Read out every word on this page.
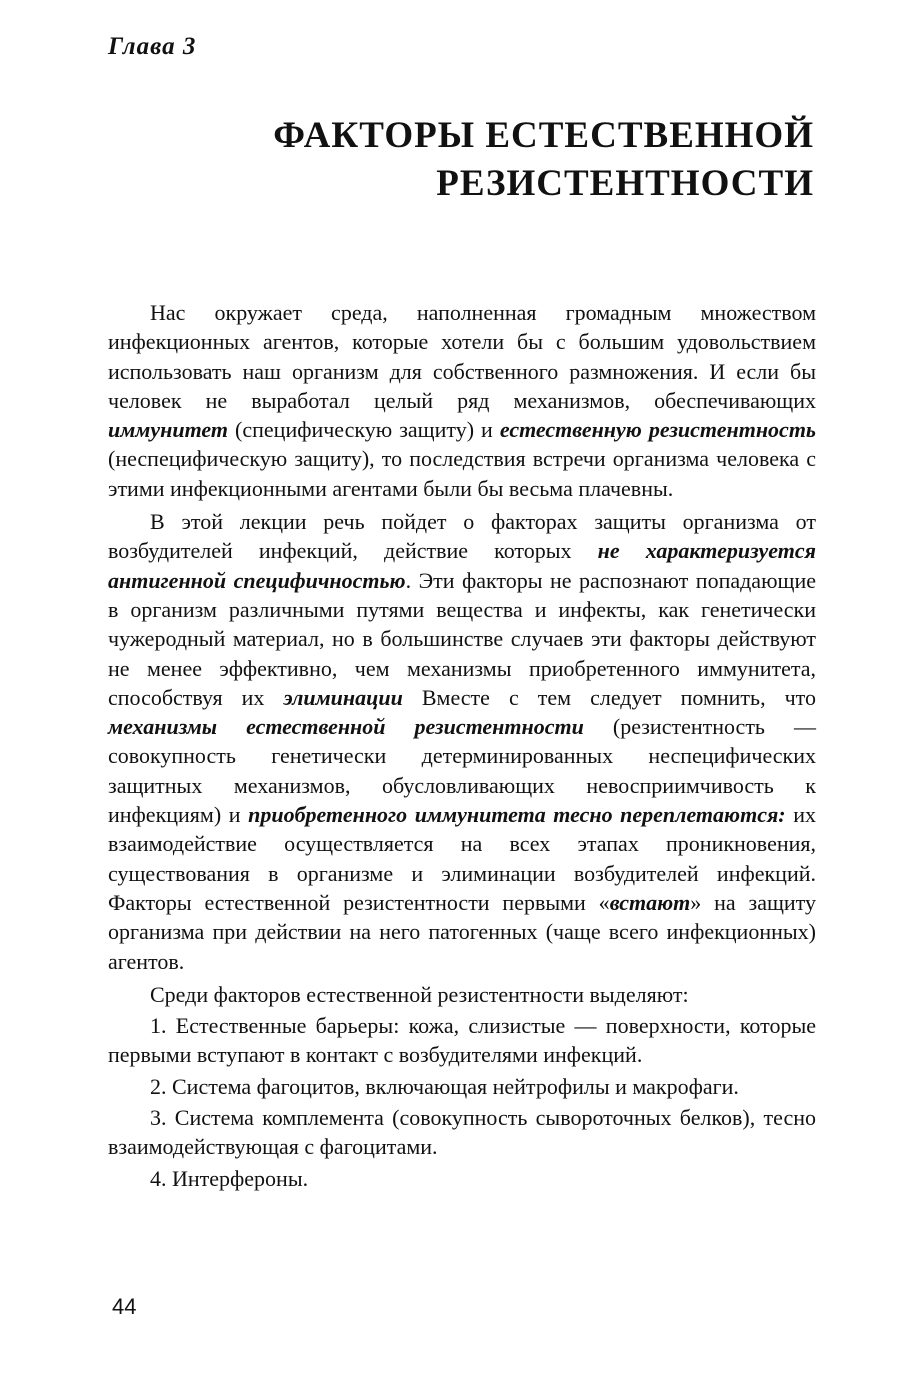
Глава 3

ФАКТОРЫ ЕСТЕСТВЕННОЙ
РЕЗИСТЕНТНОСТИ

Нас окружает среда, наполненная громадным множеством инфекционных агентов, которые хотели бы с большим удовольствием использовать наш организм для собственного размножения. И если бы человек не выработал целый ряд механизмов, обеспечивающих иммунитет (специфическую защиту) и естественную резистентность (неспецифическую защиту), то последствия встречи организма человека с этими инфекционными агентами были бы весьма плачевны.

В этой лекции речь пойдет о факторах защиты организма от возбудителей инфекций, действие которых не характеризуется антигенной специфичностью. Эти факторы не распознают попадающие в организм различными путями вещества и инфекты, как генетически чужеродный материал, но в большинстве случаев эти факторы действуют не менее эффективно, чем механизмы приобретенного иммунитета, способствуя их элиминации Вместе с тем следует помнить, что механизмы естественной резистентности (резистентность — совокупность генетически детерминированных неспецифических защитных механизмов, обусловливающих невосприимчивость к инфекциям) и приобретенного иммунитета тесно переплетаются: их взаимодействие осуществляется на всех этапах проникновения, существования в организме и элиминации возбудителей инфекций. Факторы естественной резистентности первыми «встают» на защиту организма при действии на него патогенных (чаще всего инфекционных) агентов.

Среди факторов естественной резистентности выделяют:

1. Естественные барьеры: кожа, слизистые — поверхности, которые первыми вступают в контакт с возбудителями инфекций.

2. Система фагоцитов, включающая нейтрофилы и макрофаги.

3. Система комплемента (совокупность сывороточных белков), тесно взаимодействующая с фагоцитами.

4. Интерфероны.

44
